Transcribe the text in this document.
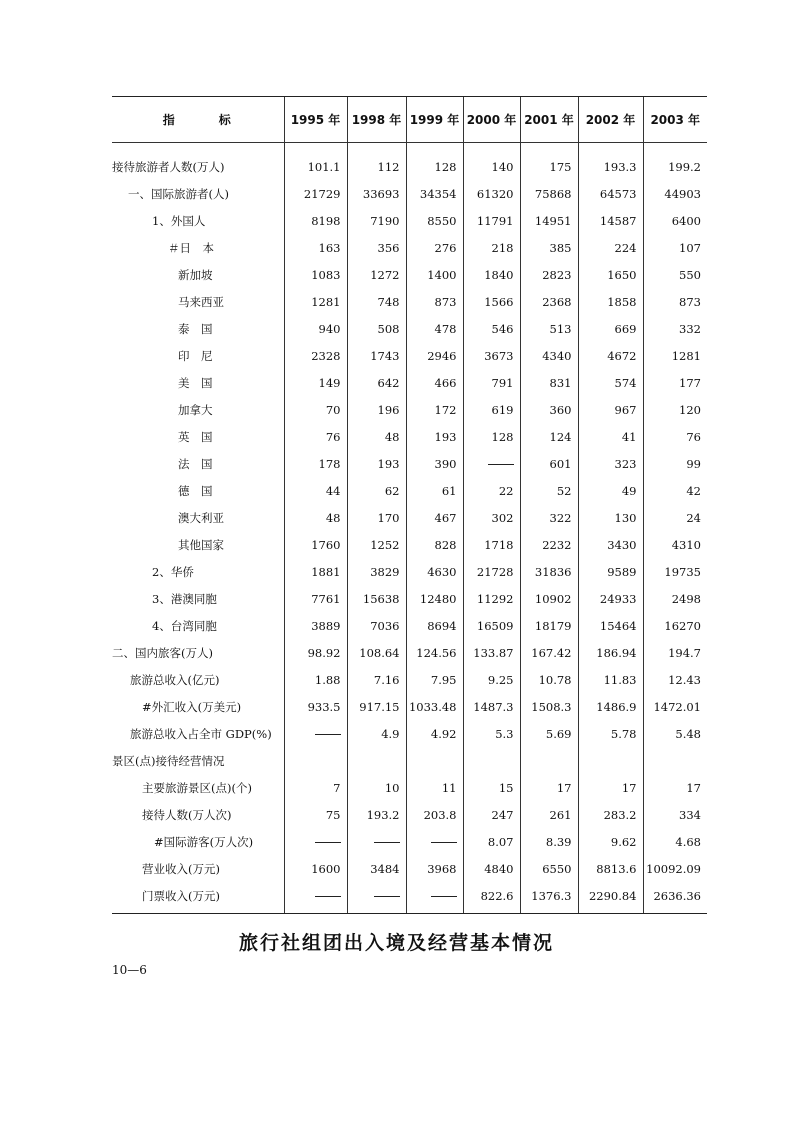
指　　　标	1995 年	1998 年	1999 年	2000 年	2001 年	2002 年	2003 年
接待旅游者人数(万人)	101.1	112	128	140	175	193.3	199.2
一、国际旅游者(人)	21729	33693	34354	61320	75868	64573	44903
1、外国人	8198	7190	8550	11791	14951	14587	6400
＃日　本	163	356	276	218	385	224	107
新加坡	1083	1272	1400	1840	2823	1650	550
马来西亚	1281	748	873	1566	2368	1858	873
泰　国	940	508	478	546	513	669	332
印　尼	2328	1743	2946	3673	4340	4672	1281
美　国	149	642	466	791	831	574	177
加拿大	70	196	172	619	360	967	120
英　国	76	48	193	128	124	41	76
法　国	178	193	390		601	323	99
德　国	44	62	61	22	52	49	42
澳大利亚	48	170	467	302	322	130	24
其他国家	1760	1252	828	1718	2232	3430	4310
2、华侨	1881	3829	4630	21728	31836	9589	19735
3、港澳同胞	7761	15638	12480	11292	10902	24933	2498
4、台湾同胞	3889	7036	8694	16509	18179	15464	16270
二、国内旅客(万人)	98.92	108.64	124.56	133.87	167.42	186.94	194.7
旅游总收入(亿元)	1.88	7.16	7.95	9.25	10.78	11.83	12.43
#外汇收入(万美元)	933.5	917.15	1033.48	1487.3	1508.3	1486.9	1472.01
旅游总收入占全市 GDP(%)		4.9	4.92	5.3	5.69	5.78	5.48
景区(点)接待经营情况							
主要旅游景区(点)(个)	7	10	11	15	17	17	17
接待人数(万人次)	75	193.2	203.8	247	261	283.2	334
#国际游客(万人次)				8.07	8.39	9.62	4.68
营业收入(万元)	1600	3484	3968	4840	6550	8813.6	10092.09
门票收入(万元)				822.6	1376.3	2290.84	2636.36
旅行社组团出入境及经营基本情况
10—6
